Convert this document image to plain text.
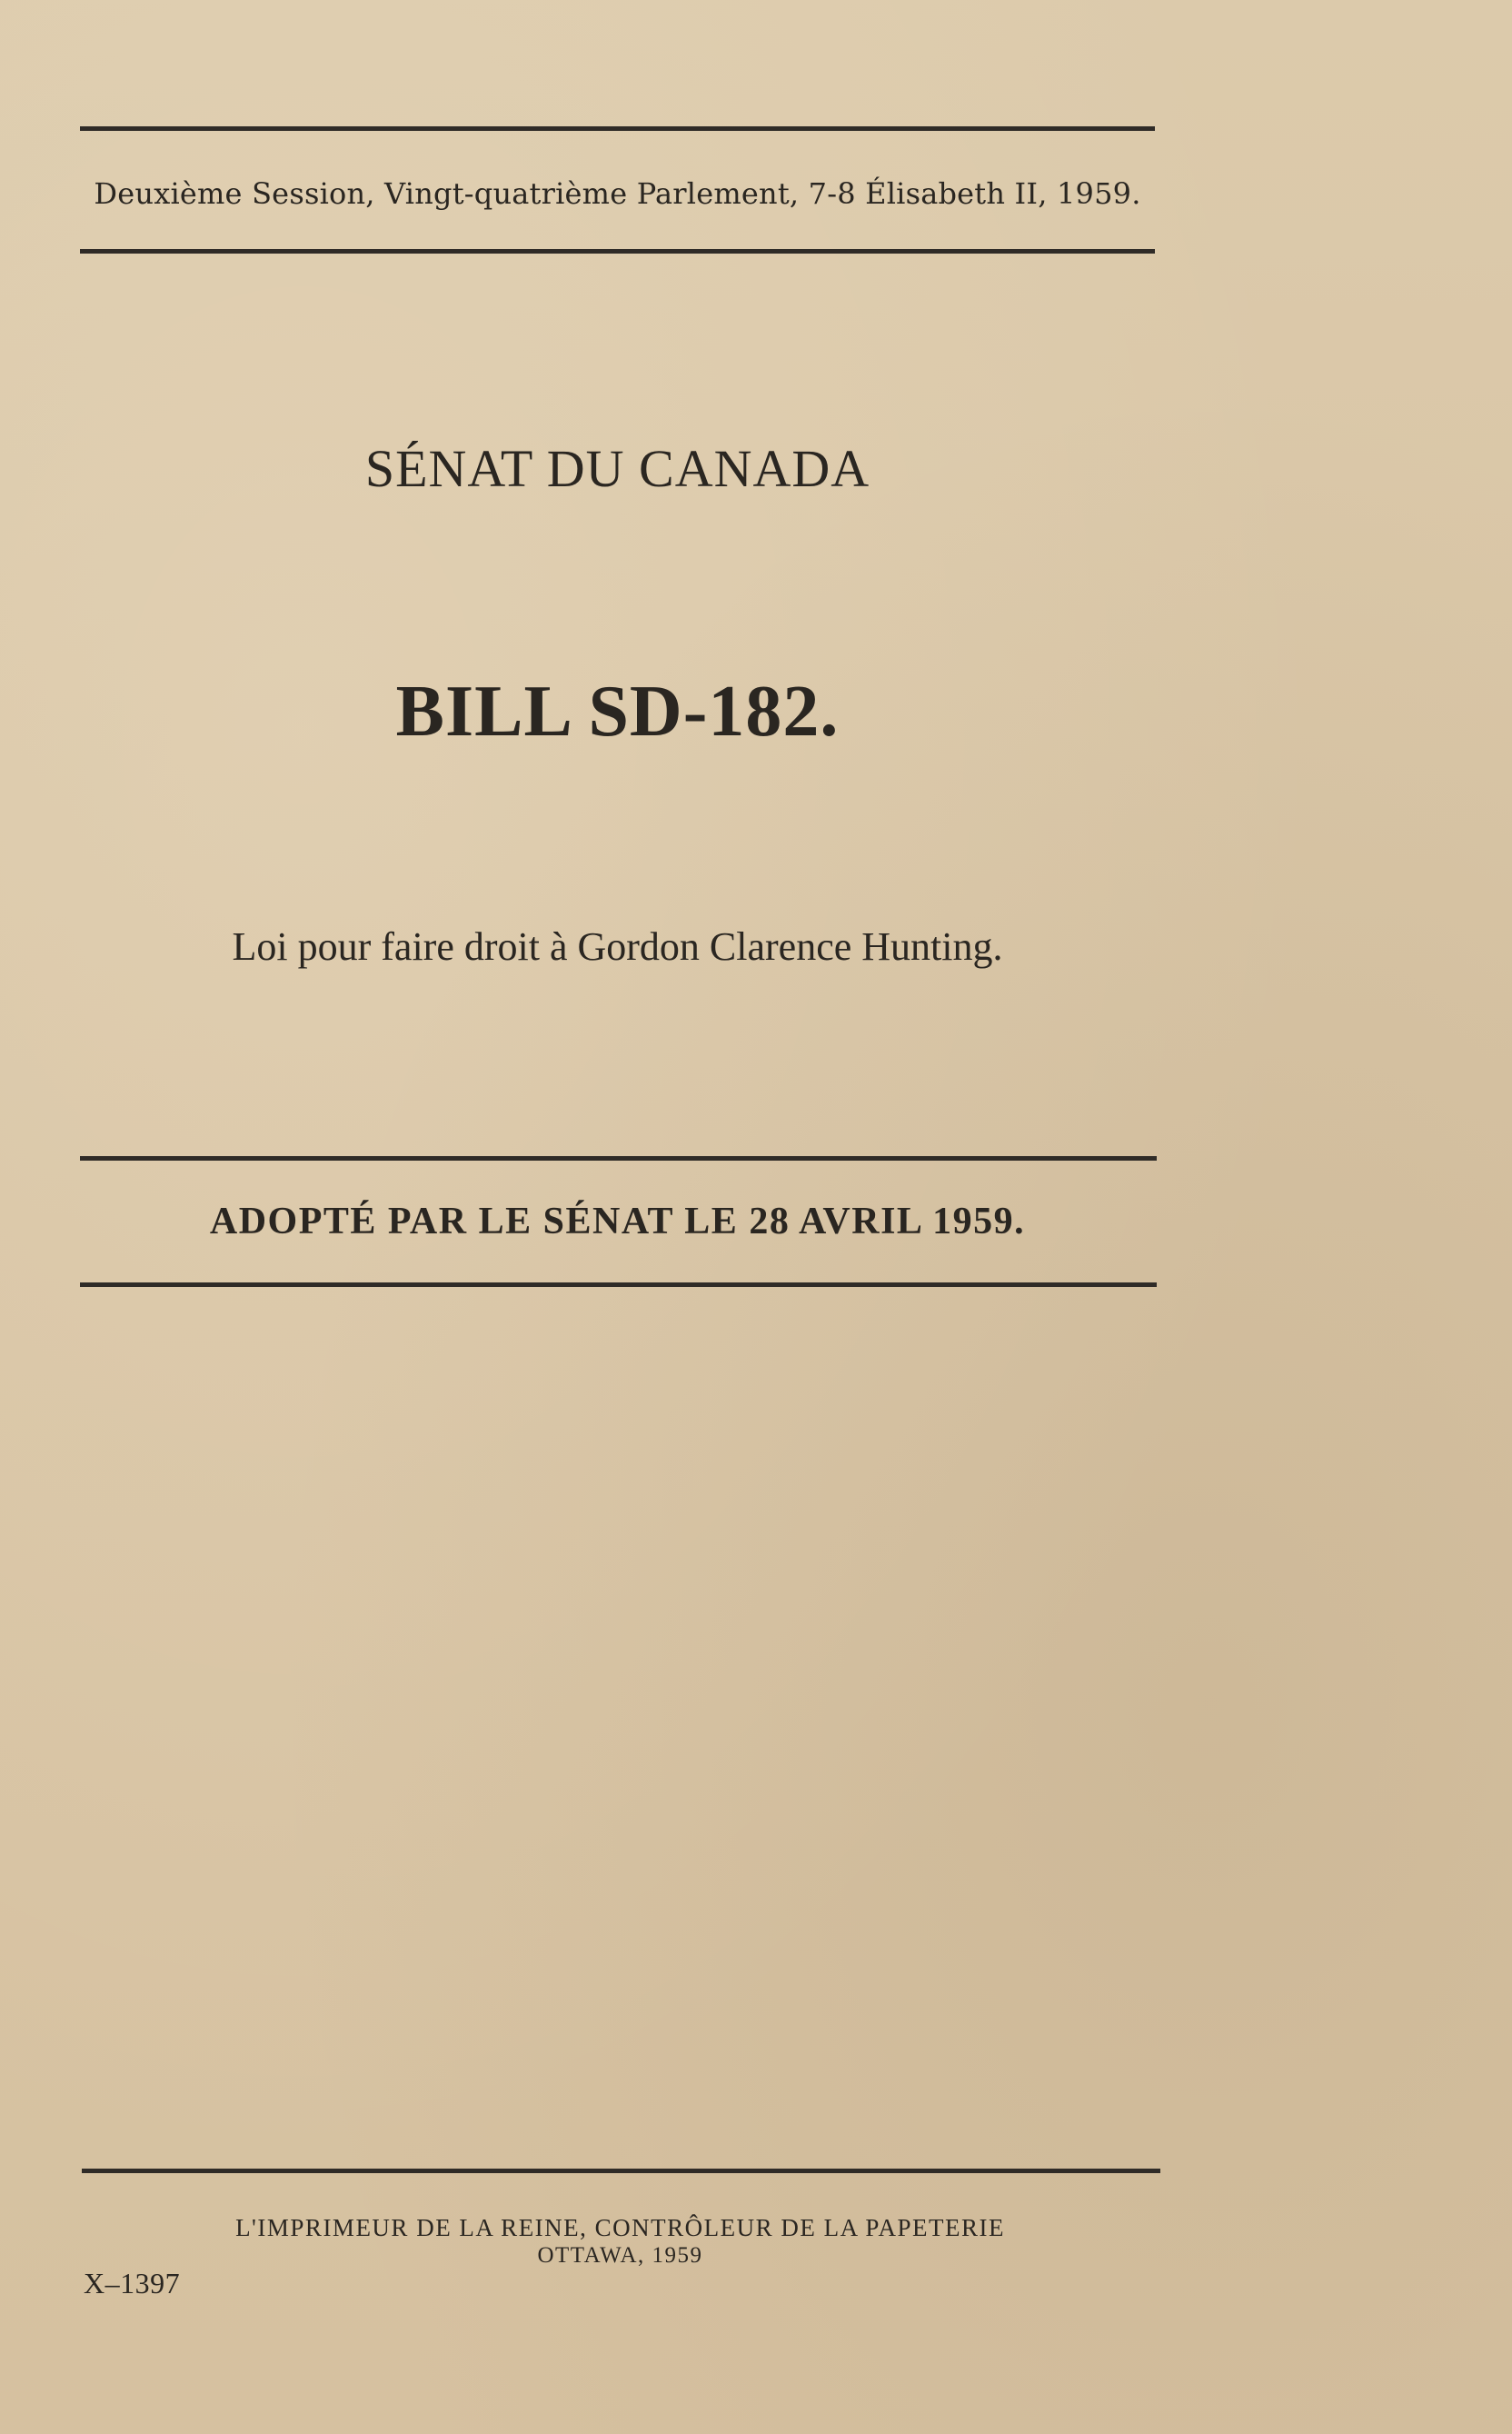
Deuxième Session, Vingt-quatrième Parlement, 7-8 Élisabeth II, 1959.
SÉNAT DU CANADA
BILL SD-182.
Loi pour faire droit à Gordon Clarence Hunting.
ADOPTÉ PAR LE SÉNAT LE 28 AVRIL 1959.
L'IMPRIMEUR DE LA REINE, CONTRÔLEUR DE LA PAPETERIE
OTTAWA, 1959
X–1397
